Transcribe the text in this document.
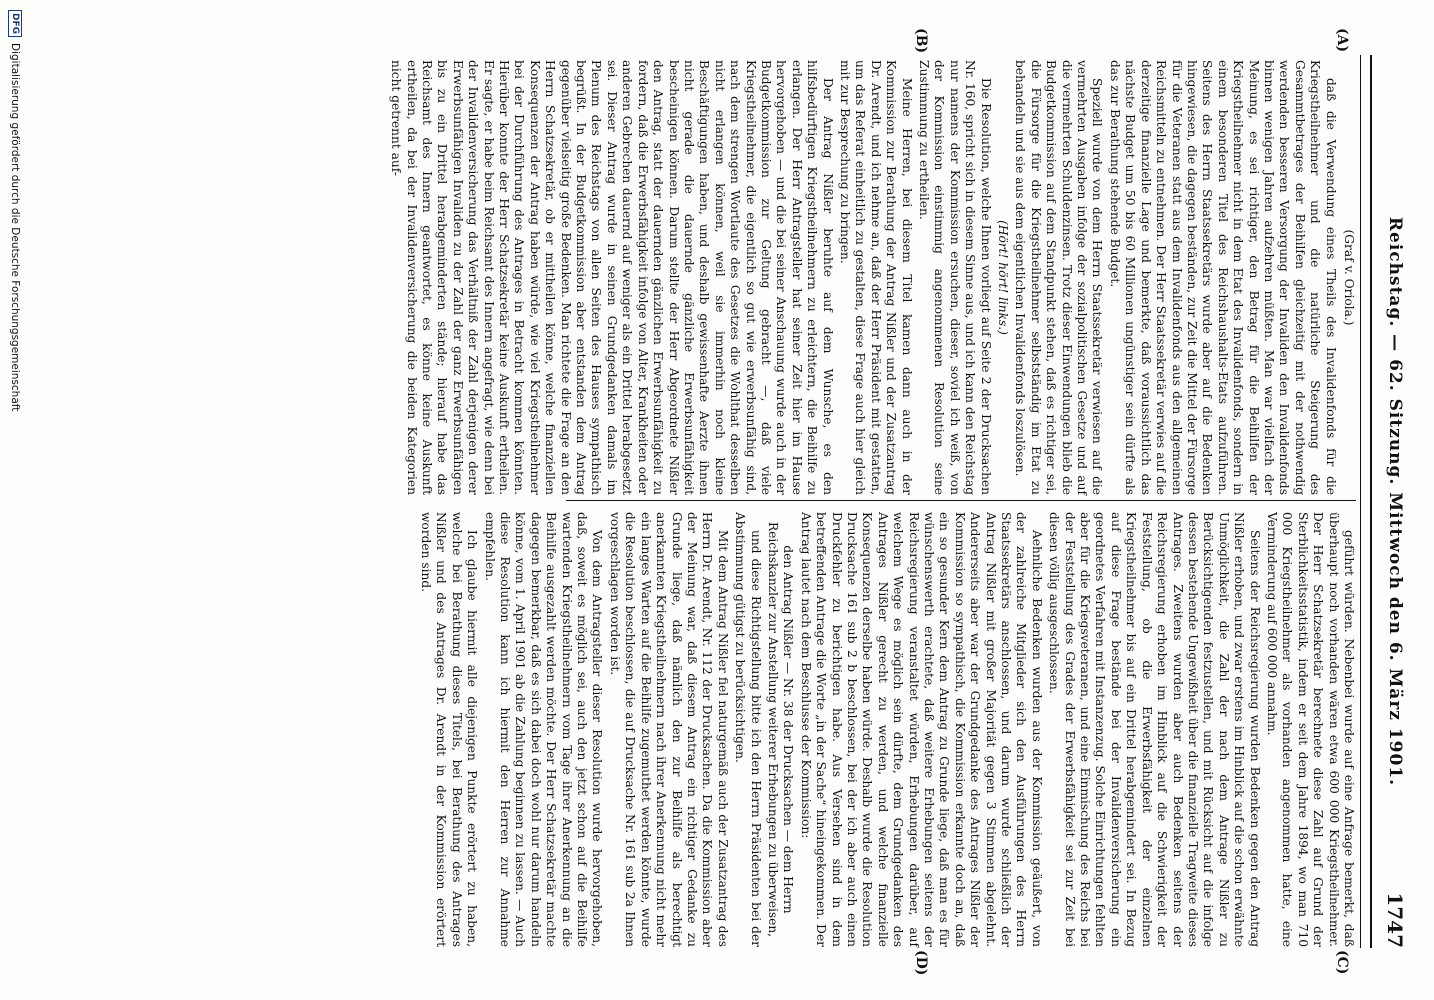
Reichstag. — 62. Sitzung. Mittwoch den 6. März 1901.
1747
(A)
(B)
(C)
(D)

(Graf v. Oriola.)

daß die Verwendung eines Theils des Invalidenfonds für die Kriegstheilnehmer und die natürliche Steigerung des Gesammtbetrages der Beihilfen gleichzeitig mit der nothwendig werdenden besseren Versorgung der Invaliden den Invalidenfonds binnen wenigen Jahren aufzehren müßten. Man war vielfach der Meinung, es sei richtiger, den Betrag für die Beihilfen der Kriegstheilnehmer nicht in dem Etat des Invalidenfonds, sondern in einem besonderen Titel des Reichshaushalts-Etats aufzuführen. Seitens des Herrn Staatssekretärs wurde aber auf die Bedenken hingewiesen, die dagegen beständen, zur Zeit die Mittel der Fürsorge für die Veteranen statt aus dem Invalidenfonds aus den allgemeinen Reichsmitteln zu entnehmen. Der Herr Staatssekretär verwies auf die derzeitige finanzielle Lage und bemerkte, daß voraussichtlich das nächste Budget um 50 bis 60 Millionen ungünstiger sein dürfte als das zur Berathung stehende Budget.

Speziell wurde von dem Herrn Staatssekretär verwiesen auf die vermehrten Ausgaben infolge der sozialpolitischen Gesetze und auf die vermehrten Schuldenzinsen. Trotz dieser Einwendungen blieb die Budgetkommission auf dem Standpunkt stehen, daß es richtiger sei, die Fürsorge für die Kriegstheilnehmer selbstständig im Etat zu behandeln und sie aus dem eigentlichen Invalidenfonds loszulösen.

(Hört! hört! links.)

Die Resolution, welche Ihnen vorliegt auf Seite 2 der Drucksachen Nr. 160, spricht sich in diesem Sinne aus, und ich kann den Reichstag nur namens der Kommission ersuchen, dieser, soviel ich weiß, von der Kommission einstimmig angenommenen Resolution seine Zustimmung zu ertheilen.

Meine Herren, bei diesem Titel kamen dann auch in der Kommission zur Berathung der Antrag Nißler und der Zusatzantrag Dr. Arendt, und ich nehme an, daß der Herr Präsident mit gestatten, um das Referat einheitlich zu gestalten, diese Frage auch hier gleich mit zur Besprechung zu bringen.

Der Antrag Nißler beruhte auf dem Wunsche, es den hilfsbedürftigen Kriegstheilnehmern zu erleichtern, die Beihilfe zu erlangen. Der Herr Antragsteller hat seiner Zeit hier im Hause hervorgehoben — und die bei seiner Anschauung wurde auch in der Budgetkommission zur Geltung gebracht —, daß viele Kriegstheilnehmer, die eigentlich so gut wie erwerbsunfähig sind, nach dem strengen Wortlaute des Gesetzes die Wohlthat desselben nicht erlangen können, weil sie immerhin noch kleine Beschäftigungen haben, und deshalb gewissenhafte Aerzte ihnen nicht gerade die dauernde gänzliche Erwerbsunfähigkeit bescheinigen können. Darum stellte der Herr Abgeordnete Nißler den Antrag, statt der dauernden gänzlichen Erwerbsunfähigkeit zu fordern, daß die Erwerbsfähigkeit infolge von Alter, Krankheiten oder anderen Gebrechen dauernd auf weniger als ein Drittel herabgesetzt sei. Dieser Antrag wurde in seinen Grundgedanken damals im Plenum des Reichstags von allen Seiten des Hauses sympathisch begrüßt. In der Budgetkommission aber entstanden dem Antrag gegenüber vielseitig große Bedenken. Man richtete die Frage an den Herrn Schatzsekretär, ob er mittheilen könne, welche finanziellen Konsequenzen der Antrag haben würde, wie viel Kriegstheilnehmer bei der Durchführung des Antrages in Betracht kommen könnten. Hierüber konnte der Herr Schatzsekretär keine Auskunft ertheilen. Er sagte, er habe beim Reichsamt des Innern angefragt, wie denn bei der Invalidenversicherung das Verhältniß der Zahl derjenigen derer Erwerbsunfähigen Invaliden zu der Zahl der ganz Erwerbsunfähigen bis zu ein Drittel herabgeminderten stände; hierauf habe das Reichsamt des Innern geantwortet, es könne keine Auskunft ertheilen, da bei der Invalidenversicherung die beiden Kategorien nicht getrennt auf-

geführt würden. Nebenbei wurde auf eine Anfrage bemerkt, daß überhaupt noch vorhanden wären etwa 600 000 Kriegstheilnehmer. Der Herr Schatzsekretär berechnete diese Zahl auf Grund der Sterblichkeitsstatistik, indem er seit dem Jahre 1894, wo man 710 000 Kriegstheilnehmer als vorhanden angenommen hatte, eine Verminderung auf 600 000 annahm.

Seitens der Reichsregierung wurden Bedenken gegen den Antrag Nißler erhoben, und zwar erstens im Hinblick auf die schon erwähnte Unmöglichkeit, die Zahl der nach dem Antrage Nißler zu Berücksichtigenden festzustellen, und mit Rücksicht auf die infolge dessen bestehende Ungewißheit über die finanzielle Tragweite dieses Antrages. Zweitens wurden aber auch Bedenken seitens der Reichsregierung erhoben im Hinblick auf die Schwierigkeit der Feststellung, ob die Erwerbsfähigkeit der einzelnen Kriegstheilnehmer bis auf ein Drittel herabgemindert sei. In Bezug auf diese Frage bestände bei der Invalidenversicherung ein geordnetes Verfahren mit Instanzenzug. Solche Einrichtungen fehlten aber für die Kriegsveteranen, und eine Einmischung des Reichs bei der Feststellung des Grades der Erwerbsfähigkeit sei zur Zeit bei diesen völlig ausgeschlossen.

Aehnliche Bedenken wurden aus der Kommission geäußert, von der zahlreiche Mitglieder sich den Ausführungen des Herrn Staatssekretärs anschlossen, und darum wurde schließlich der Antrag Nißler mit großer Majorität gegen 3 Stimmen abgelehnt. Andererseits aber war der Grundgedanke des Antrages Nißler der Kommission so sympathisch, die Kommission erkannte doch an, daß ein so gesunder Kern dem Antrag zu Grunde liege, daß man es für wünschenswerth erachtete, daß weitere Erhebungen seitens der Reichsregierung veranstaltet würden, Erhebungen darüber, auf welchem Wege es möglich sein dürfte, dem Grundgedanken des Antrages Nißler gerecht zu werden, und welche finanzielle Konsequenzen derselbe haben würde. Deshalb wurde die Resolution Drucksache 161 sub 2 b beschlossen, bei der ich aber auch einen Druckfehler zu berichtigen habe. Aus Versehen sind in dem betreffenden Antrage die Worte „in der Sache“ hineingekommen. Der Antrag lautet nach dem Beschlusse der Kommission:

den Antrag Nißler — Nr. 38 der Drucksachen — dem Herrn Reichskanzler zur Anstellung weiterer Erhebungen zu überweisen,

und diese Richtigstellung bitte ich den Herrn Präsidenten bei der Abstimmung gütigst zu berücksichtigen.

Mit dem Antrag Nißler fiel naturgemäß auch der Zusatzantrag des Herrn Dr. Arendt, Nr. 112 der Drucksachen. Da die Kommission aber der Meinung war, daß diesem Antrag ein richtiger Gedanke zu Grunde liege, daß nämlich den zur Beihilfe als berechtigt anerkannten Kriegstheilnehmern nach ihrer Anerkennung nicht mehr ein langes Warten auf die Beihilfe zugemuthet werden könnte, wurde die Resolution beschlossen, die auf Drucksache Nr. 161 sub 2a Ihnen vorgeschlagen worden ist.

Von dem Antragsteller dieser Resolution wurde hervorgehoben, daß, soweit es möglich sei, auch den jetzt schon auf die Beihilfe wartenden Kriegstheilnehmern vom Tage ihrer Anerkennung an die Beihilfe ausgezahlt werden möchte. Der Herr Schatzsekretär machte dagegen bemerkbar, daß es sich dabei doch wohl nur darum handeln könne, vom 1. April 1901 ab die Zahlung beginnen zu lassen. — Auch diese Resolution kann ich hiermit den Herren zur Annahme empfehlen.

Ich glaube hiermit alle diejenigen Punkte erörtert zu haben, welche bei Berathung dieses Titels, bei Berathung des Antrages Nißler und des Antrages Dr. Arendt in der Kommission erörtert worden sind.

DFG
Digitalisierung gefördert durch die Deutsche Forschungsgemeinschaft
